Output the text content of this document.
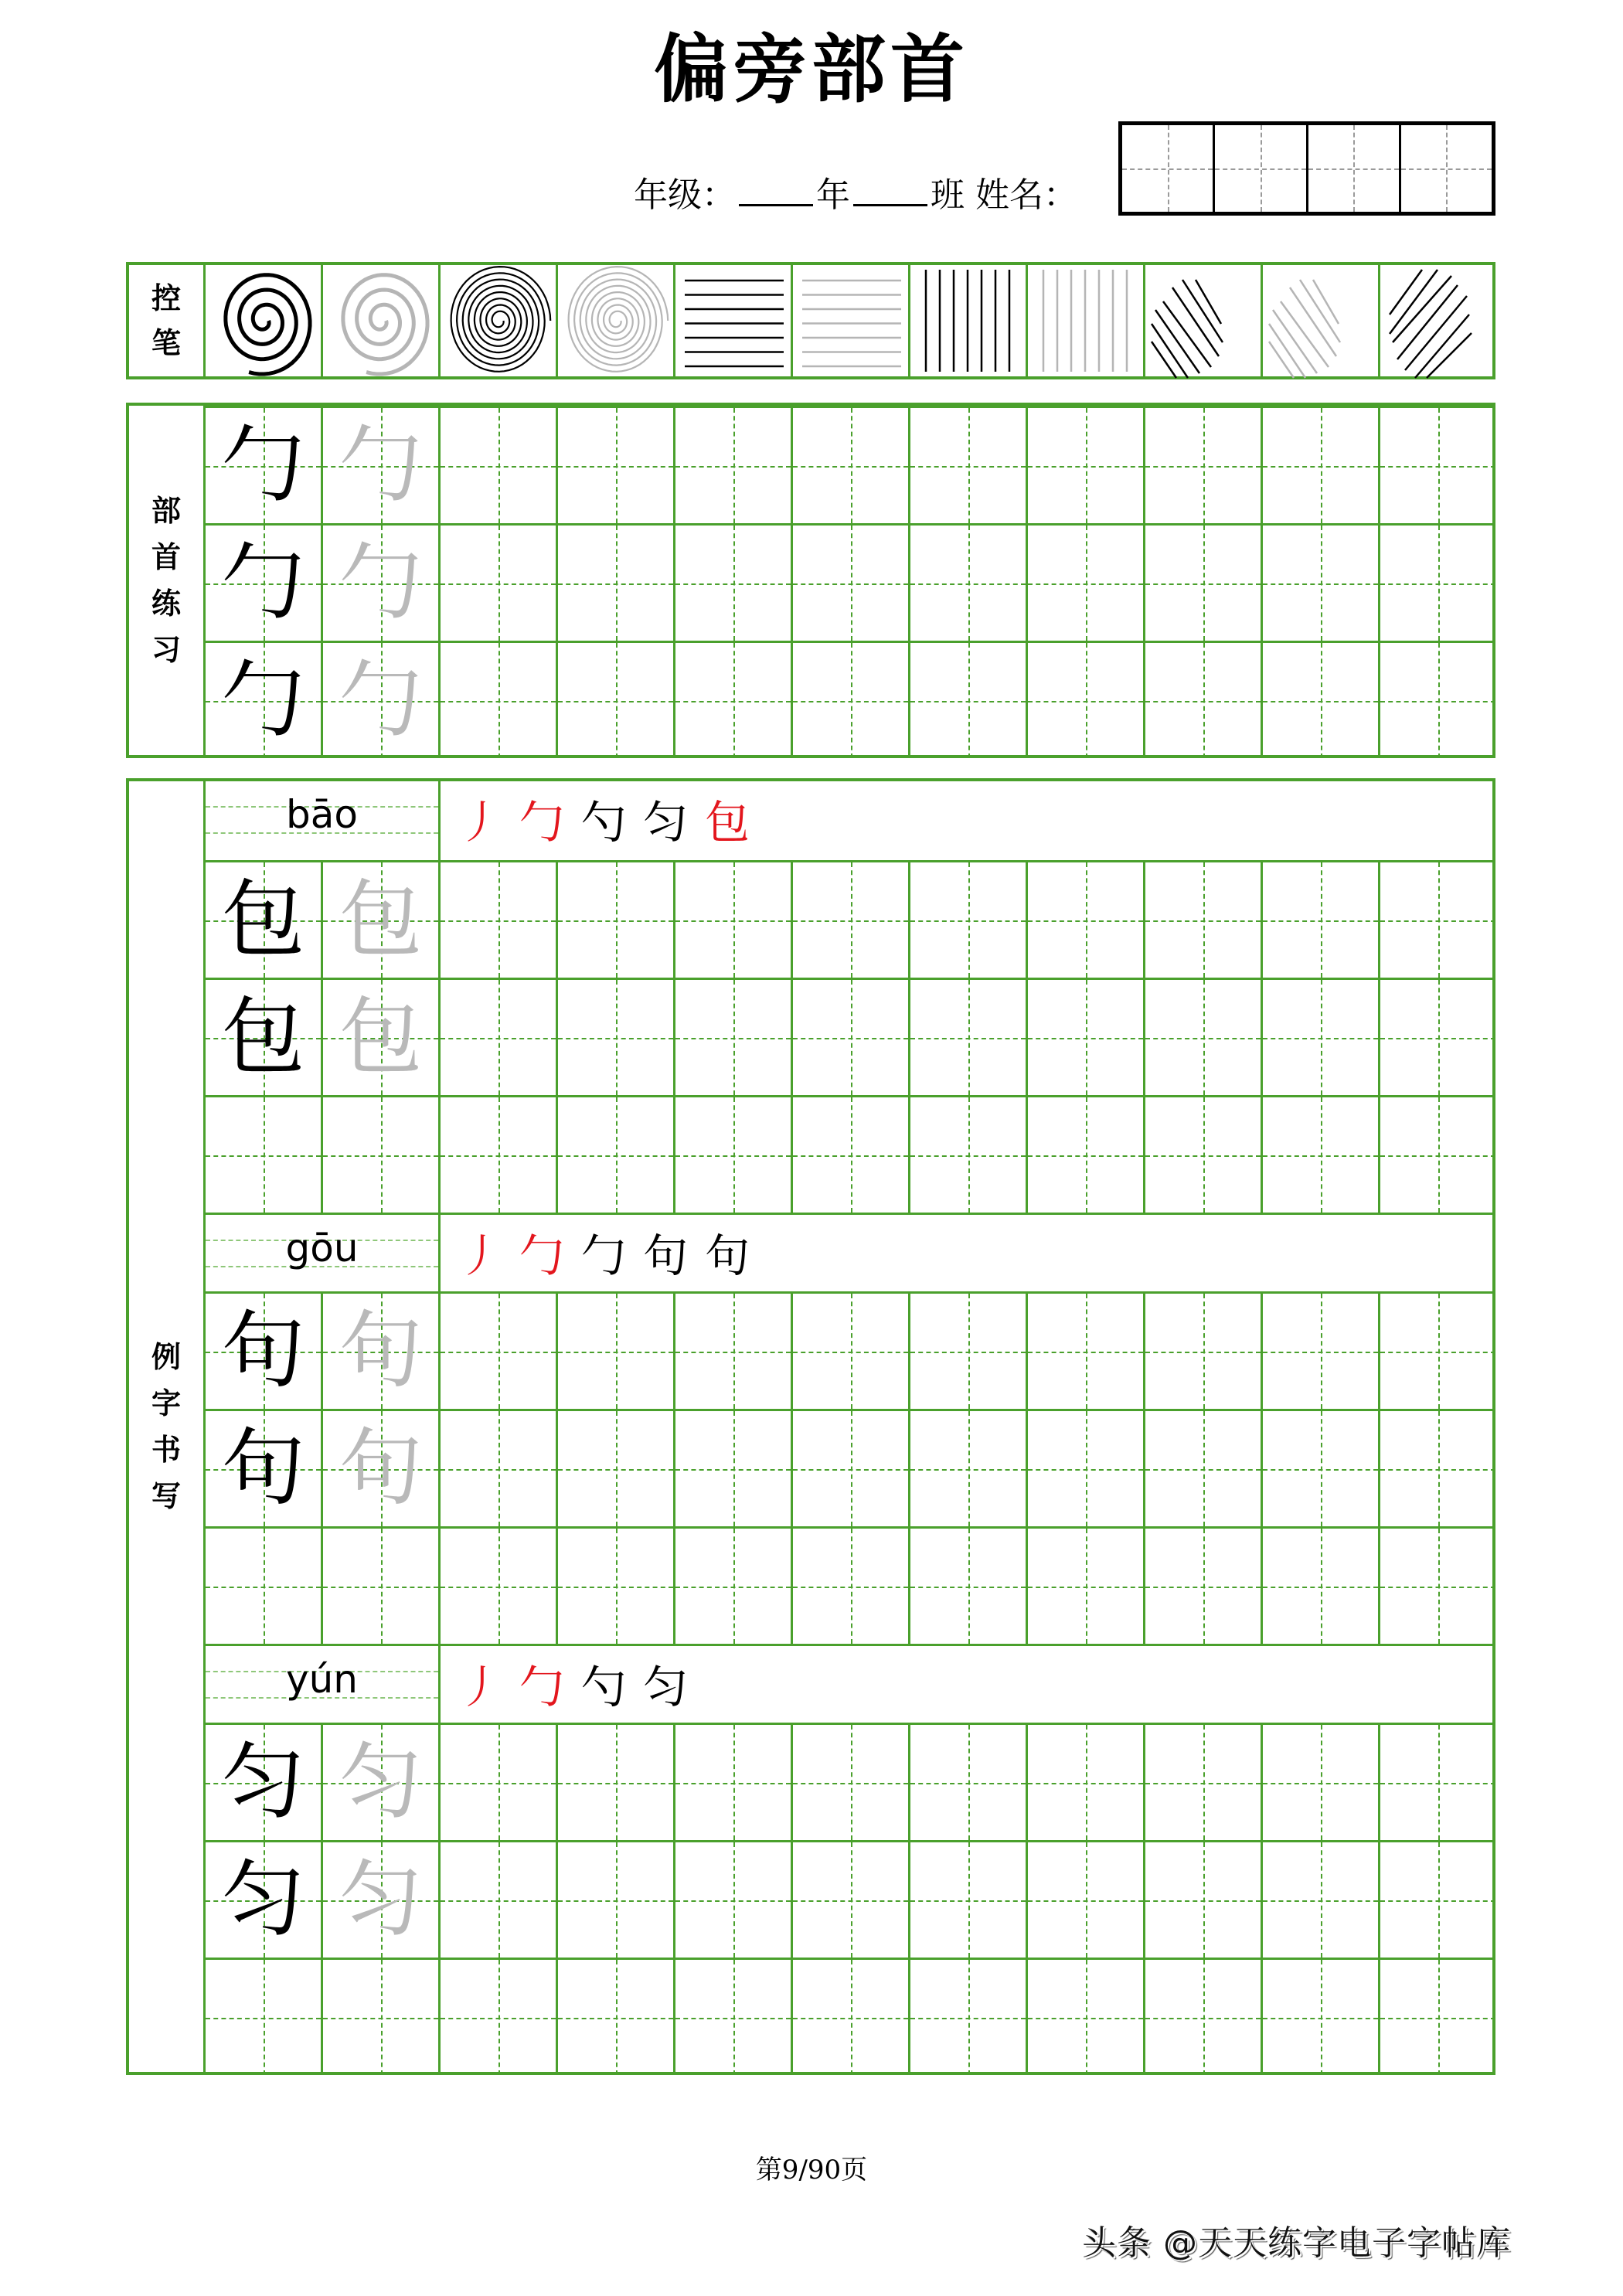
偏旁部首
年级： 年 班 姓名：
控
笔
部
首
练
习
勹 勹
勹 勹
勹 勹
例
字
书
写
bāo	丿 勹 勺 匀 包
包 包
包 包
gōu	丿 勹 勹 句 句
句 句
句 句
yún	丿 勹 勺 匀
匀 匀
匀 匀
第9/90页
头条 @天天练字电子字帖库
